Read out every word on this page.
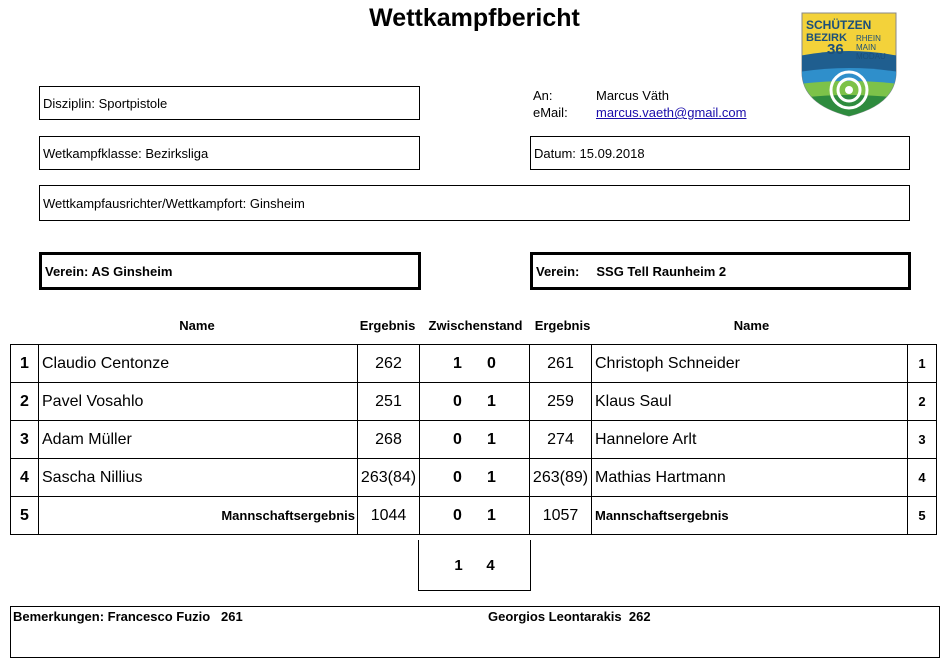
Wettkampfbericht	SCHÜTZEN
BEZIRK
36
RHEIN
MAIN
MODAU
Disziplin: Sportpistole
Wetkampfklasse: Bezirksliga
Wettkampfausrichter/Wettkampfort: Ginsheim
An:	Marcus Väth
eMail: marcus.vaeth@gmail.com
Datum: 15.09.2018
Verein: AS Ginsheim	Verein: SSG Tell Raunheim 2
Name	Ergebnis	Zwischenstand Ergebnis	Name
1	Claudio Centonze	262	1 0	261	Christoph Schneider	1
2	Pavel Vosahlo	251	0 1	259	Klaus Saul	2
3	Adam Müller	268	0 1	274	Hannelore Arlt	3
4	Sascha Nillius	263(84)	0 1	263(89)	Mathias Hartmann	4
5	Mannschaftsergebnis	1044	0 1	1057	Mannschaftsergebnis	5
1	4
Bemerkungen: Francesco Fuzio   261	Georgios Leontarakis  262
